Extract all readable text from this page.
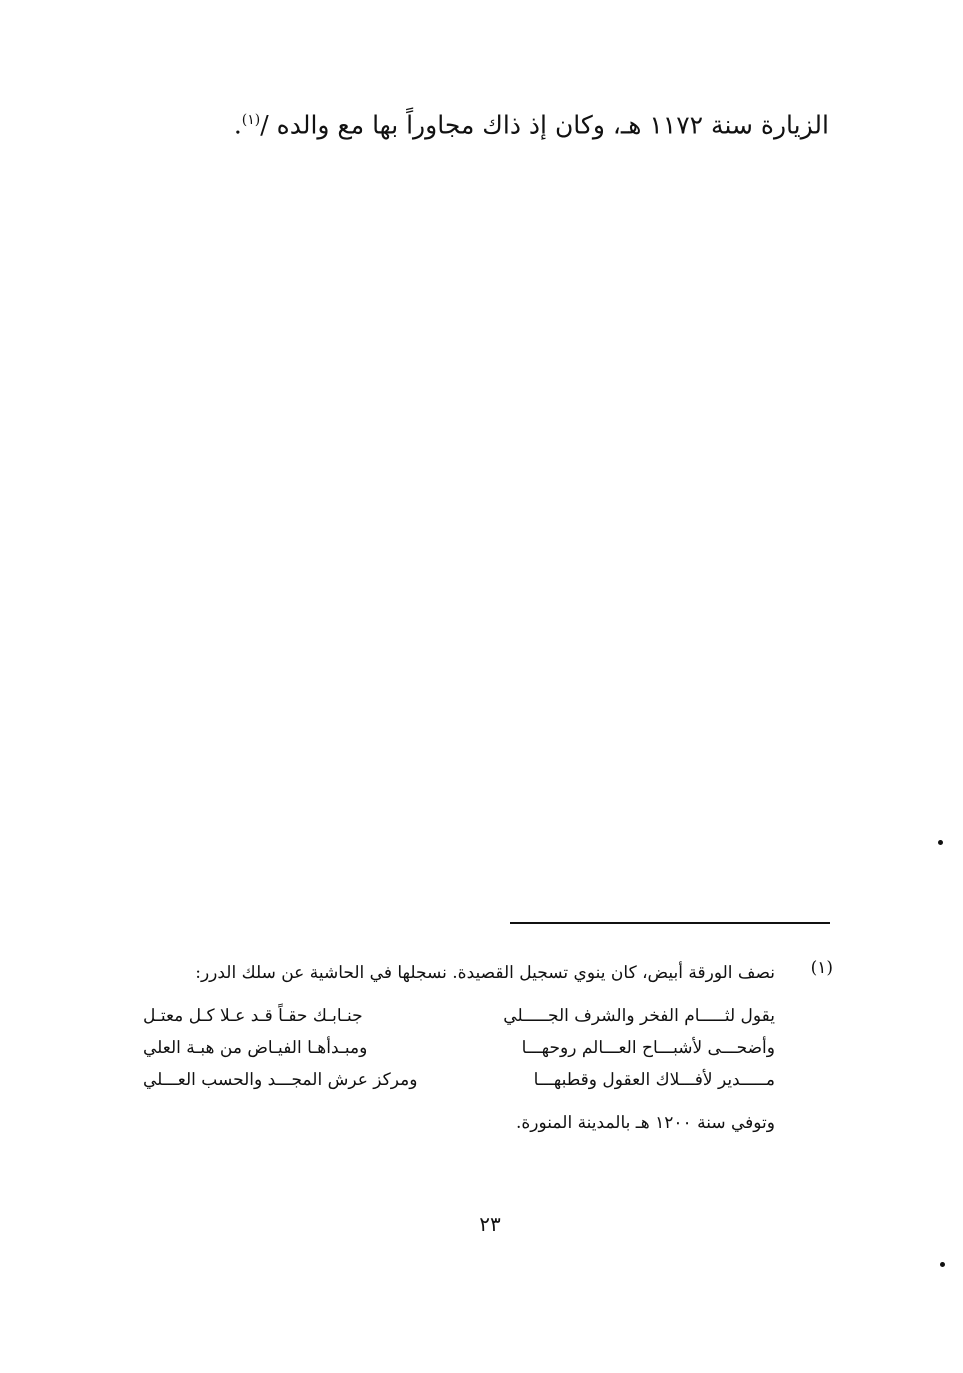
الزيارة سنة ١١٧٢ هـ، وكان إذ ذاك مجاوراً بها مع والده /$^{(١)}$.
(١)
نصف الورقة أبيض، كان ينوي تسجيل القصيدة. نسجلها في الحاشية عن سلك الدرر:
يقول لثـــــام الفخر والشرف الجـــــلي
جنـابـك حقـاً قـد عـلا كـل معتـل
وأضحـــى لأشبـــاح العـــالم روحهـــا
ومبـدأهـا الفيـاض من هبـة العلي
مـــــدير لأفـــلاك العقول وقطبهـــا
ومركز عرش المجـــد والحسب العـــلي
وتوفي سنة ١٢٠٠ هـ بالمدينة المنورة.
٢٣
